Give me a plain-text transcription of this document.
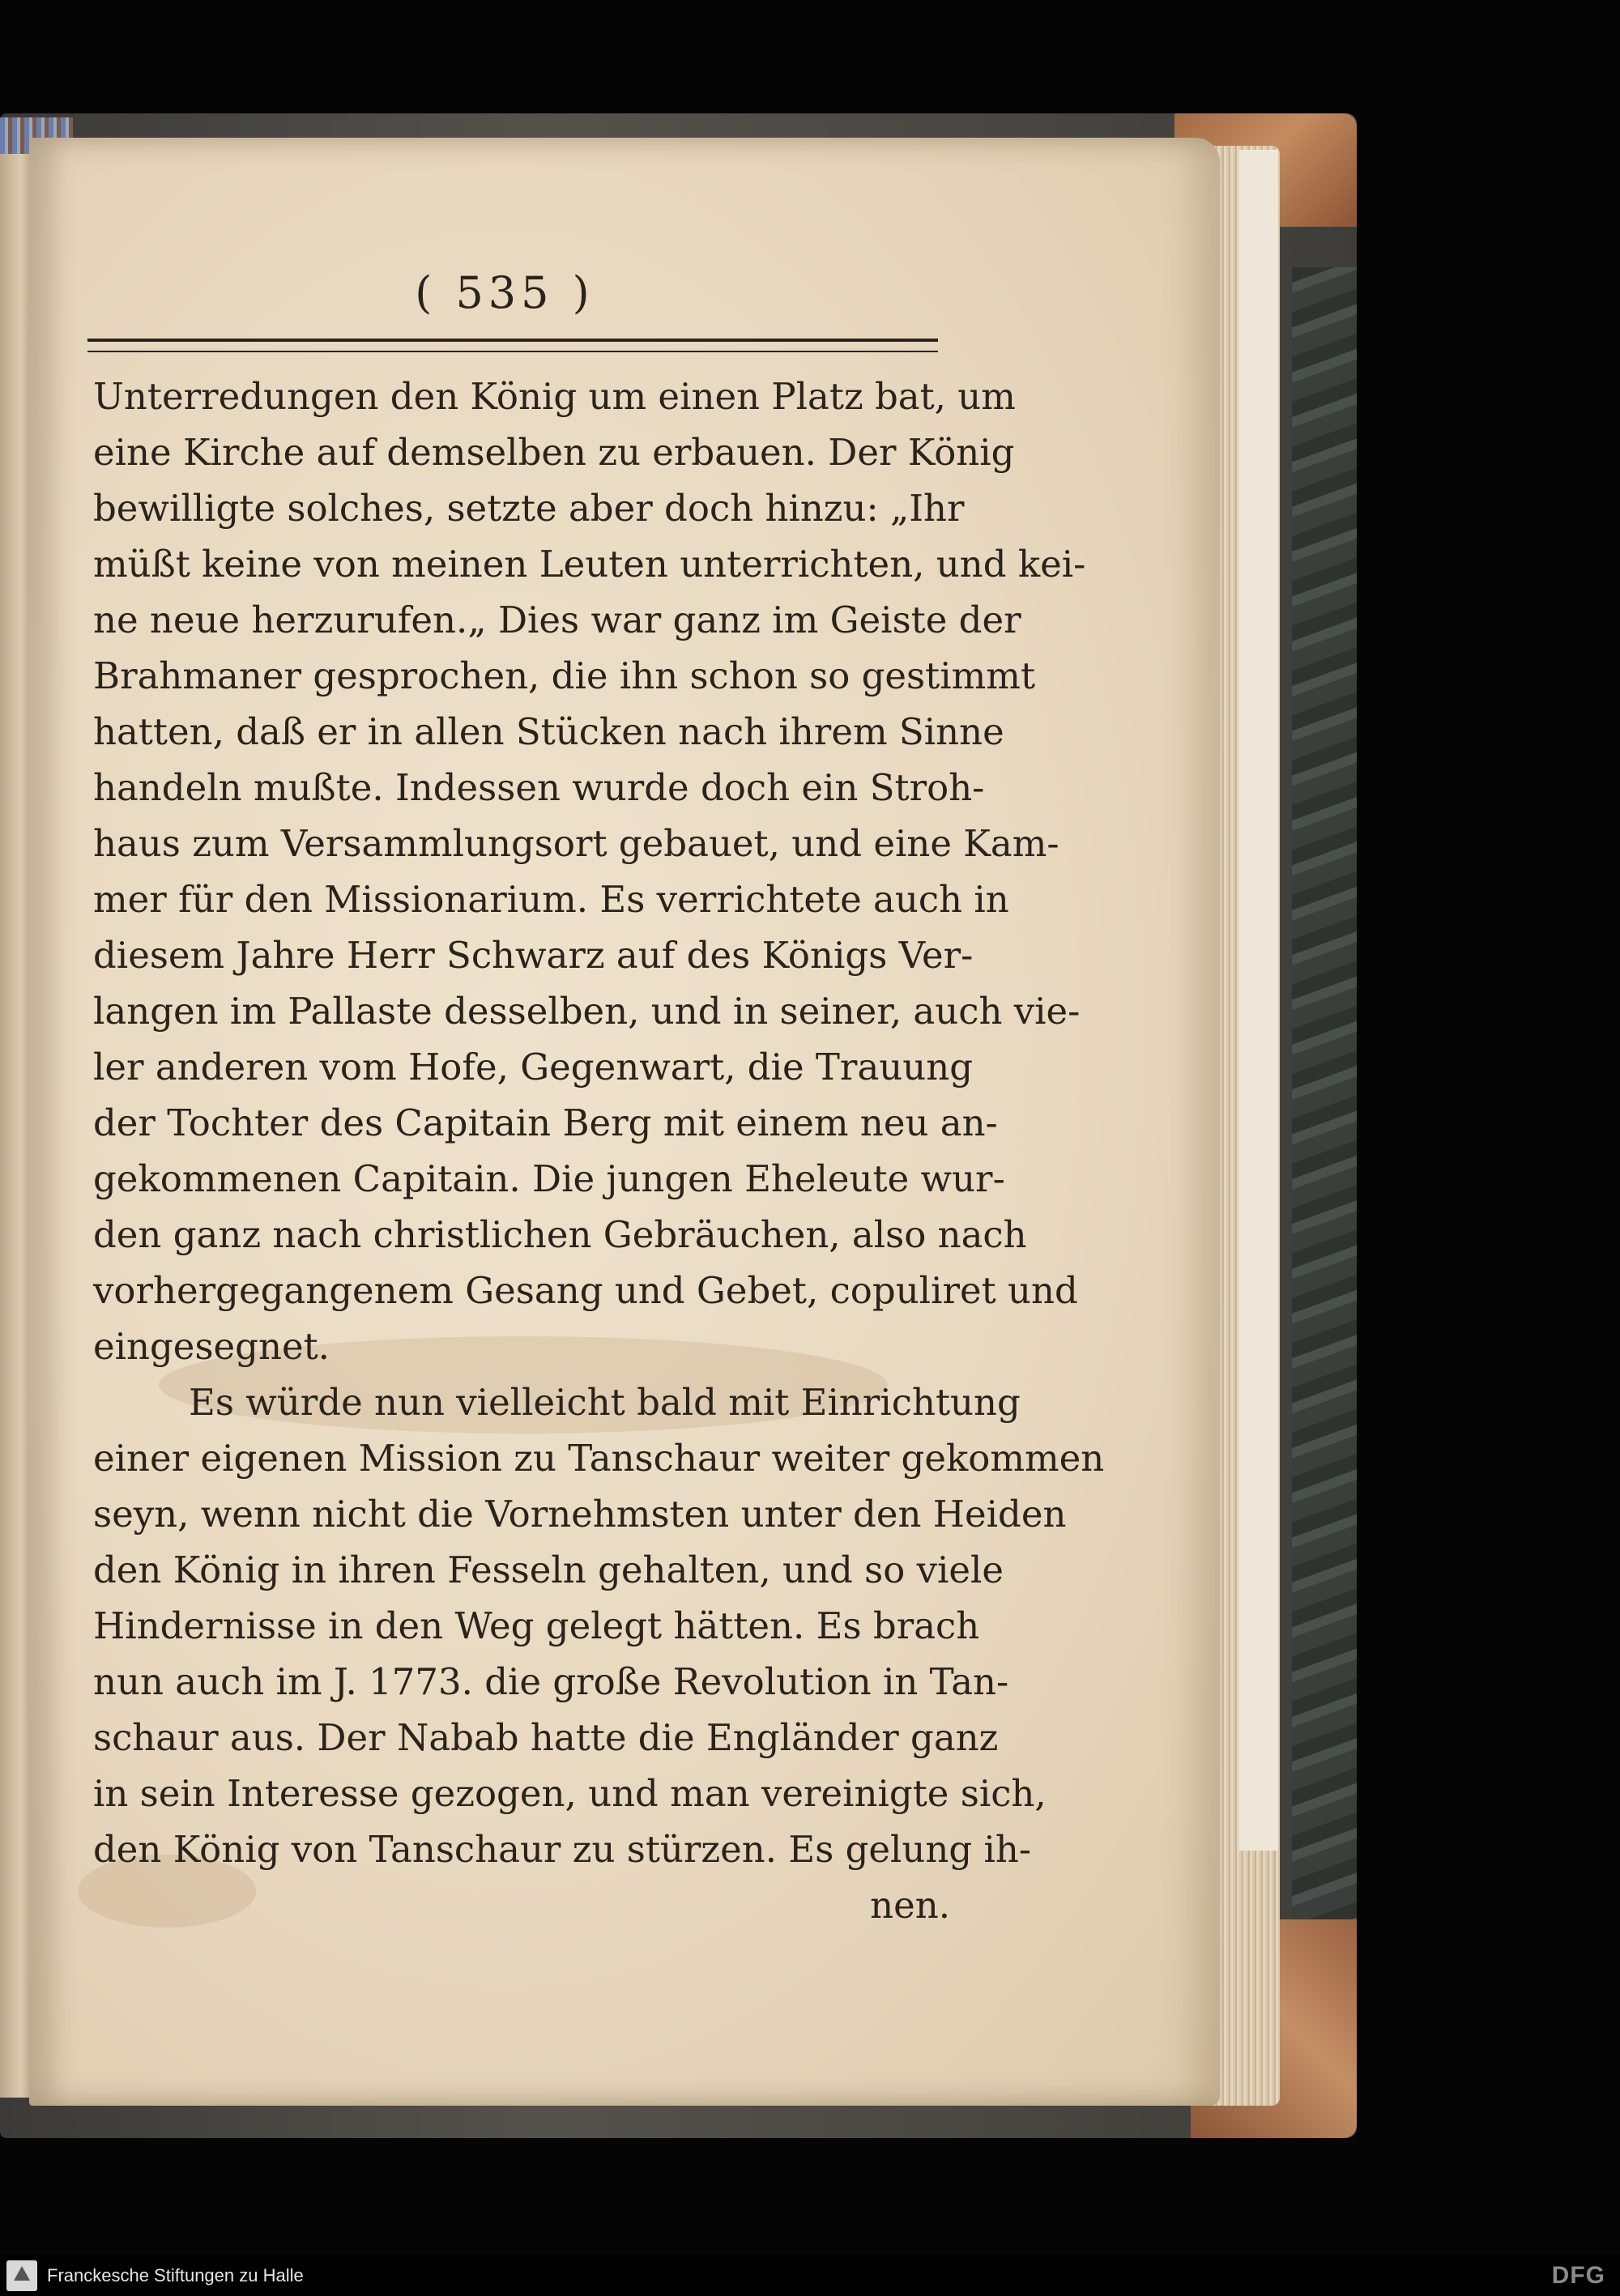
( 535 )
Unterredungen den König um einen Platz bat, um
eine Kirche auf demselben zu erbauen. Der König
bewilligte solches, setzte aber doch hinzu: „Ihr
müßt keine von meinen Leuten unterrichten, und kei-
ne neue herzurufen.„ Dies war ganz im Geiste der
Brahmaner gesprochen, die ihn schon so gestimmt
hatten, daß er in allen Stücken nach ihrem Sinne
handeln mußte. Indessen wurde doch ein Stroh-
haus zum Versammlungsort gebauet, und eine Kam-
mer für den Missionarium. Es verrichtete auch in
diesem Jahre Herr Schwarz auf des Königs Ver-
langen im Pallaste desselben, und in seiner, auch vie-
ler anderen vom Hofe, Gegenwart, die Trauung
der Tochter des Capitain Berg mit einem neu an-
gekommenen Capitain. Die jungen Eheleute wur-
den ganz nach christlichen Gebräuchen, also nach
vorhergegangenem Gesang und Gebet, copuliret und
eingesegnet.
Es würde nun vielleicht bald mit Einrichtung
einer eigenen Mission zu Tanschaur weiter gekommen
seyn, wenn nicht die Vornehmsten unter den Heiden
den König in ihren Fesseln gehalten, und so viele
Hindernisse in den Weg gelegt hätten. Es brach
nun auch im J. 1773. die große Revolution in Tan-
schaur aus. Der Nabab hatte die Engländer ganz
in sein Interesse gezogen, und man vereinigte sich,
den König von Tanschaur zu stürzen. Es gelung ih-
nen.
Franckesche Stiftungen zu Halle	DFG
